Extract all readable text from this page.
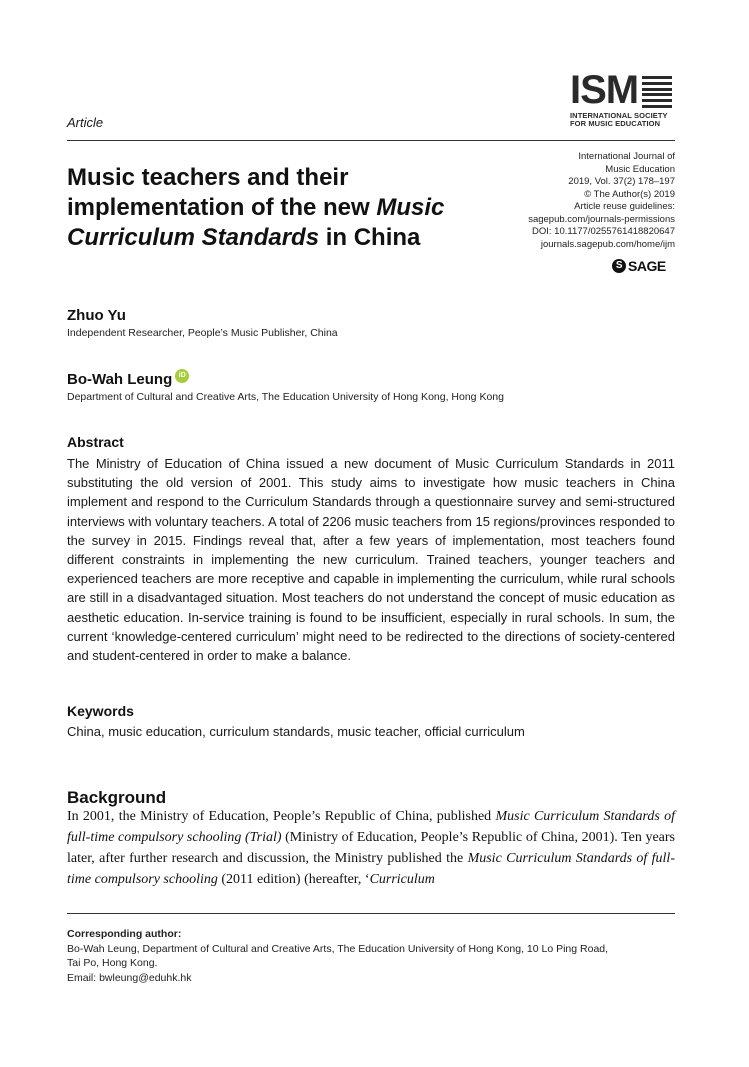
ISM
INTERNATIONAL SOCIETY
FOR MUSIC EDUCATION
Article
International Journal of
Music Education
2019, Vol. 37(2) 178–197
© The Author(s) 2019
Article reuse guidelines:
sagepub.com/journals-permissions
DOI: 10.1177/0255761418820647
journals.sagepub.com/home/ijm
S SAGE
Music teachers and their implementation of the new Music Curriculum Standards in China
Zhuo Yu
Independent Researcher, People’s Music Publisher, China
Bo-Wah Leung iD
Department of Cultural and Creative Arts, The Education University of Hong Kong, Hong Kong
Abstract
The Ministry of Education of China issued a new document of Music Curriculum Standards in 2011 substituting the old version of 2001. This study aims to investigate how music teachers in China implement and respond to the Curriculum Standards through a questionnaire survey and semi-structured interviews with voluntary teachers. A total of 2206 music teachers from 15 regions/provinces responded to the survey in 2015. Findings reveal that, after a few years of implementation, most teachers found different constraints in implementing the new curriculum. Trained teachers, younger teachers and experienced teachers are more receptive and capable in implementing the curriculum, while rural schools are still in a disadvantaged situation. Most teachers do not understand the concept of music education as aesthetic education. In-service training is found to be insufficient, especially in rural schools. In sum, the current ‘knowledge-centered curriculum’ might need to be redirected to the directions of society-centered and student-centered in order to make a balance.
Keywords
China, music education, curriculum standards, music teacher, official curriculum
Background
In 2001, the Ministry of Education, People’s Republic of China, published Music Curriculum Standards of full-time compulsory schooling (Trial) (Ministry of Education, People’s Republic of China, 2001). Ten years later, after further research and discussion, the Ministry published the Music Curriculum Standards of full-time compulsory schooling (2011 edition) (hereafter, ‘Curriculum
Corresponding author:
Bo-Wah Leung, Department of Cultural and Creative Arts, The Education University of Hong Kong, 10 Lo Ping Road,
Tai Po, Hong Kong.
Email: bwleung@eduhk.hk
